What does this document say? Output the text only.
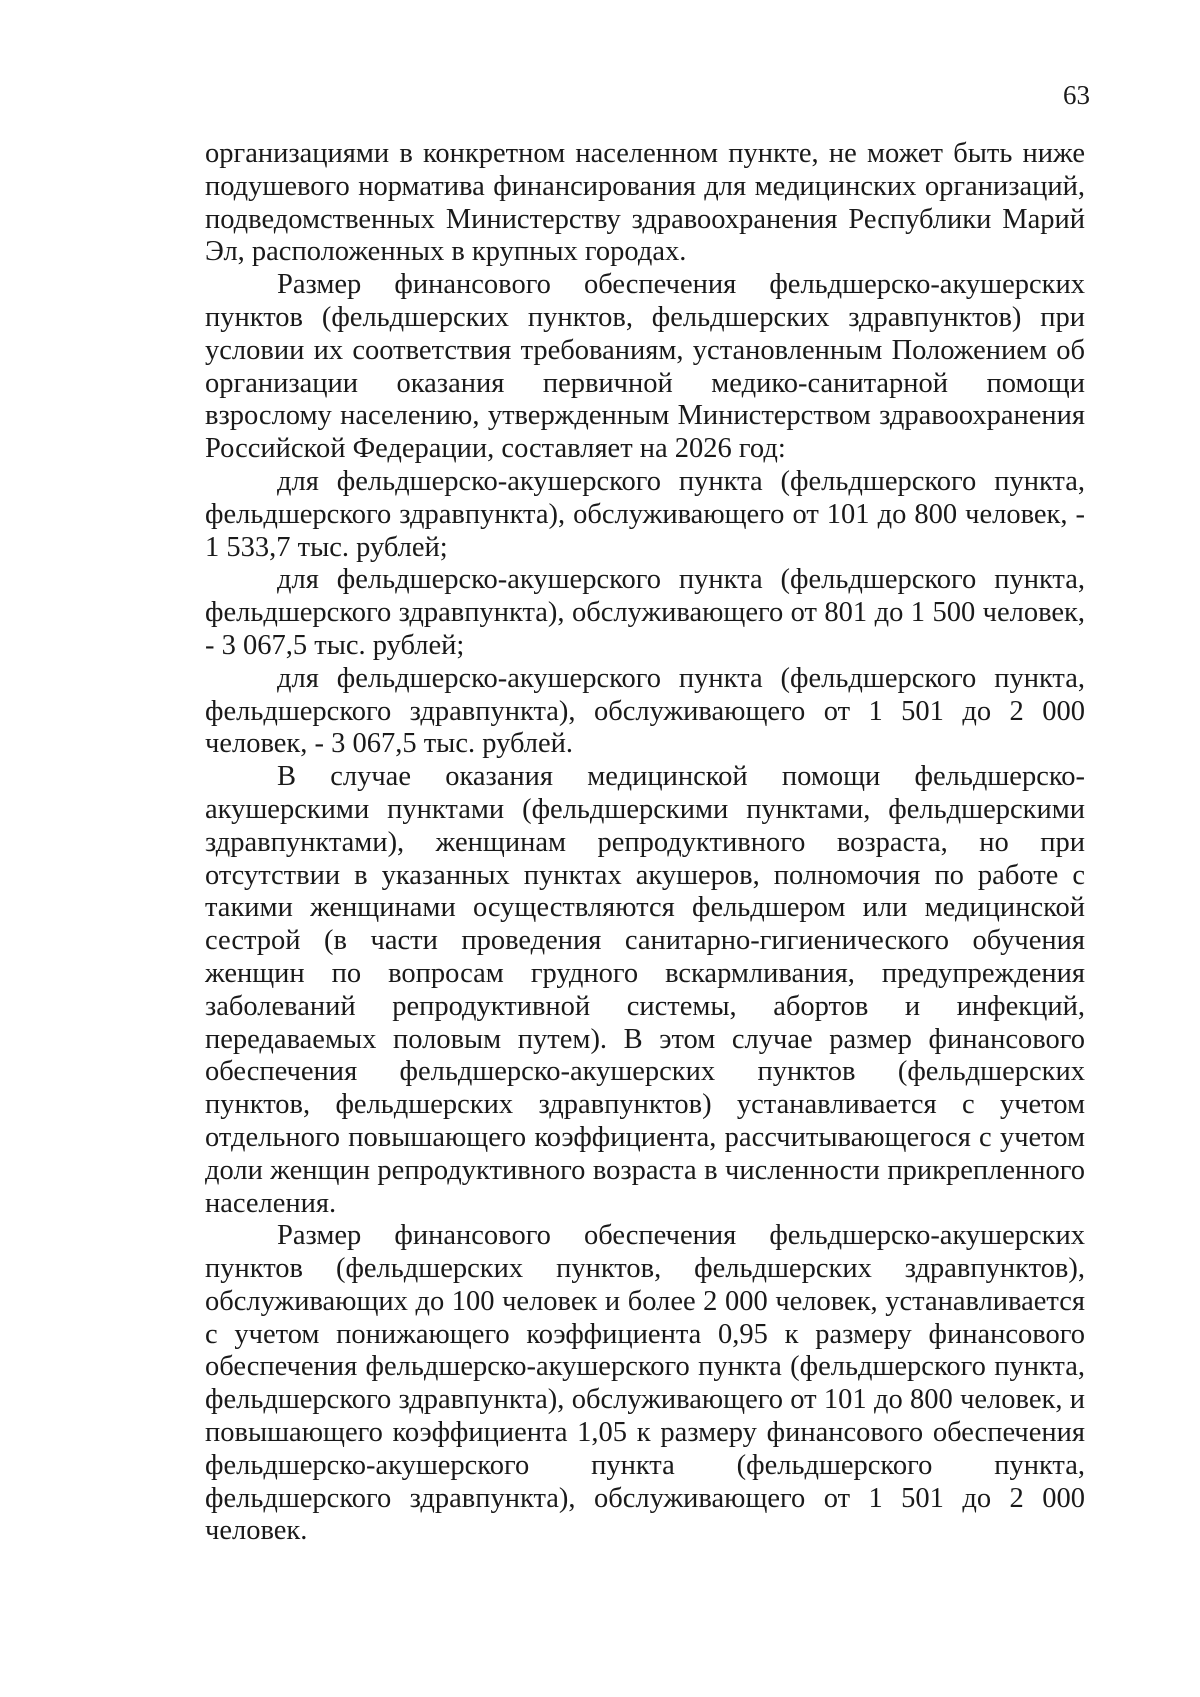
63

организациями в конкретном населенном пункте, не может быть ниже подушевого норматива финансирования для медицинских организаций, подведомственных Министерству здравоохранения Республики Марий Эл, расположенных в крупных городах.

Размер финансового обеспечения фельдшерско-акушерских пунктов (фельдшерских пунктов, фельдшерских здравпунктов) при условии их соответствия требованиям, установленным Положением об организации оказания первичной медико-санитарной помощи взрослому населению, утвержденным Министерством здравоохранения Российской Федерации, составляет на 2026 год:

для фельдшерско-акушерского пункта (фельдшерского пункта, фельдшерского здравпункта), обслуживающего от 101 до 800 человек, - 1 533,7 тыс. рублей;

для фельдшерско-акушерского пункта (фельдшерского пункта, фельдшерского здравпункта), обслуживающего от 801 до 1 500 человек, - 3 067,5 тыс. рублей;

для фельдшерско-акушерского пункта (фельдшерского пункта, фельдшерского здравпункта), обслуживающего от 1 501 до 2 000 человек, - 3 067,5 тыс. рублей.

В случае оказания медицинской помощи фельдшерско-акушерскими пунктами (фельдшерскими пунктами, фельдшерскими здравпунктами), женщинам репродуктивного возраста, но при отсутствии в указанных пунктах акушеров, полномочия по работе с такими женщинами осуществляются фельдшером или медицинской сестрой (в части проведения санитарно-гигиенического обучения женщин по вопросам грудного вскармливания, предупреждения заболеваний репродуктивной системы, абортов и инфекций, передаваемых половым путем). В этом случае размер финансового обеспечения фельдшерско-акушерских пунктов (фельдшерских пунктов, фельдшерских здравпунктов) устанавливается с учетом отдельного повышающего коэффициента, рассчитывающегося с учетом доли женщин репродуктивного возраста в численности прикрепленного населения.

Размер финансового обеспечения фельдшерско-акушерских пунктов (фельдшерских пунктов, фельдшерских здравпунктов), обслуживающих до 100 человек и более 2 000 человек, устанавливается с учетом понижающего коэффициента 0,95 к размеру финансового обеспечения фельдшерско-акушерского пункта (фельдшерского пункта, фельдшерского здравпункта), обслуживающего от 101 до 800 человек, и повышающего коэффициента 1,05 к размеру финансового обеспечения фельдшерско-акушерского пункта (фельдшерского пункта, фельдшерского здравпункта), обслуживающего от 1 501 до 2 000 человек.
